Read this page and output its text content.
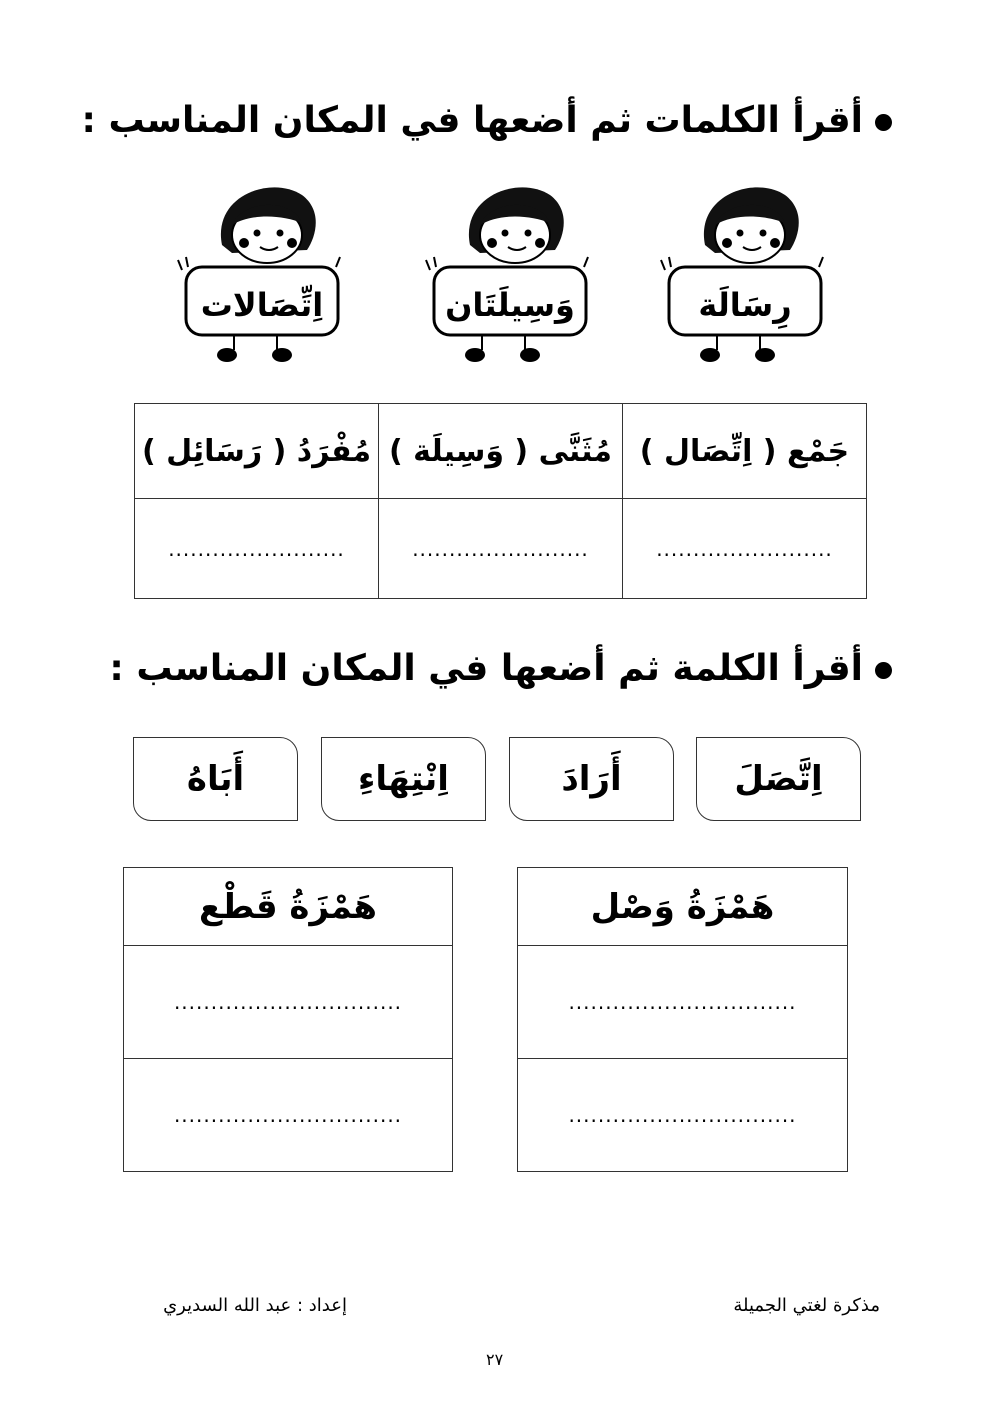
أقرأ الكلمات ثم أضعها في المكان المناسب :
رِسَالَة
وَسِيلَتَان
اِتِّصَالات
جَمْع ( اِتِّصَال )	مُثَنَّى ( وَسِيلَة )	مُفْرَدُ ( رَسَائِل )
........................	........................	........................
أقرأ الكلمة ثم أضعها في المكان المناسب :
اِتَّصَلَ
أَرَادَ
اِنْتِهَاءِ
أَبَاهُ
هَمْزَةُ وَصْل
...............................
...............................
هَمْزَةُ قَطْع
...............................
...............................
مذكرة لغتي الجميلة
إعداد : عبد الله السديري
٢٧
